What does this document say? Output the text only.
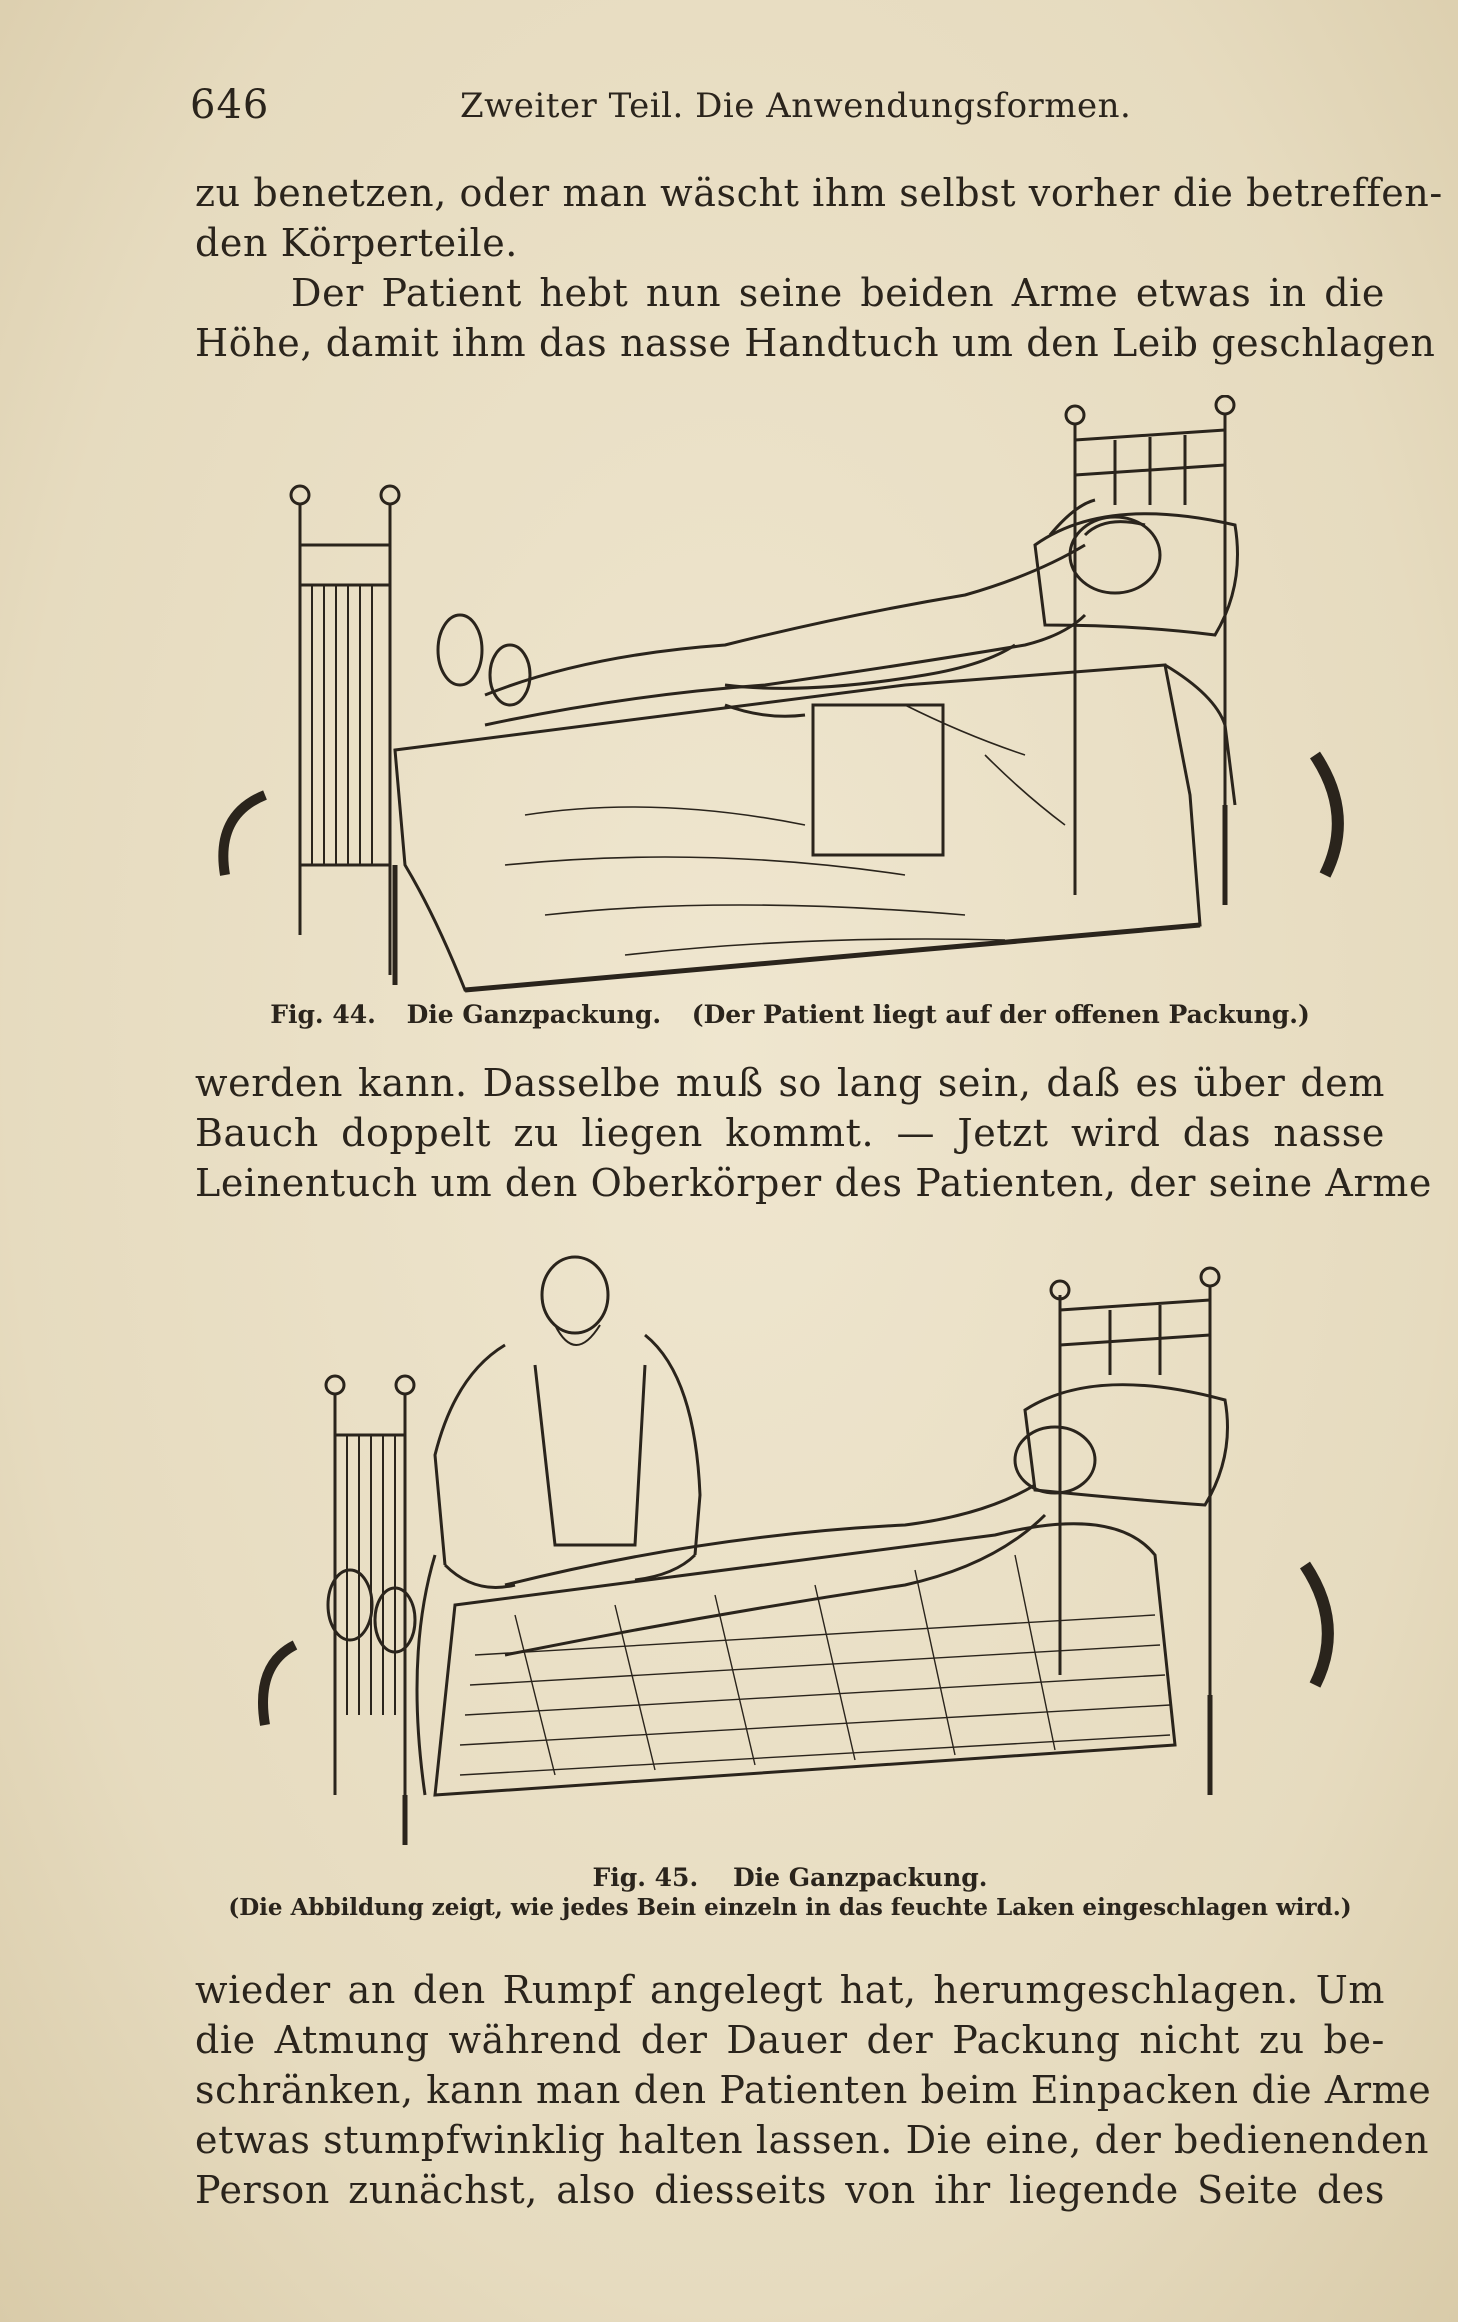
646	Zweiter Teil. Die Anwendungsformen.
zu benetzen, oder man wäscht ihm selbst vorher die betreffen-
den Körperteile.
Der Patient hebt nun seine beiden Arme etwas in die
Höhe, damit ihm das nasse Handtuch um den Leib geschlagen
Fig. 44. Die Ganzpackung. (Der Patient liegt auf der offenen Packung.)
werden kann. Dasselbe muß so lang sein, daß es über dem
Bauch doppelt zu liegen kommt. — Jetzt wird das nasse
Leinentuch um den Oberkörper des Patienten, der seine Arme
Fig. 45. Die Ganzpackung.
(Die Abbildung zeigt, wie jedes Bein einzeln in das feuchte Laken eingeschlagen wird.)
wieder an den Rumpf angelegt hat, herumgeschlagen. Um
die Atmung während der Dauer der Packung nicht zu be-
schränken, kann man den Patienten beim Einpacken die Arme
etwas stumpfwinklig halten lassen. Die eine, der bedienenden
Person zunächst, also diesseits von ihr liegende Seite des
